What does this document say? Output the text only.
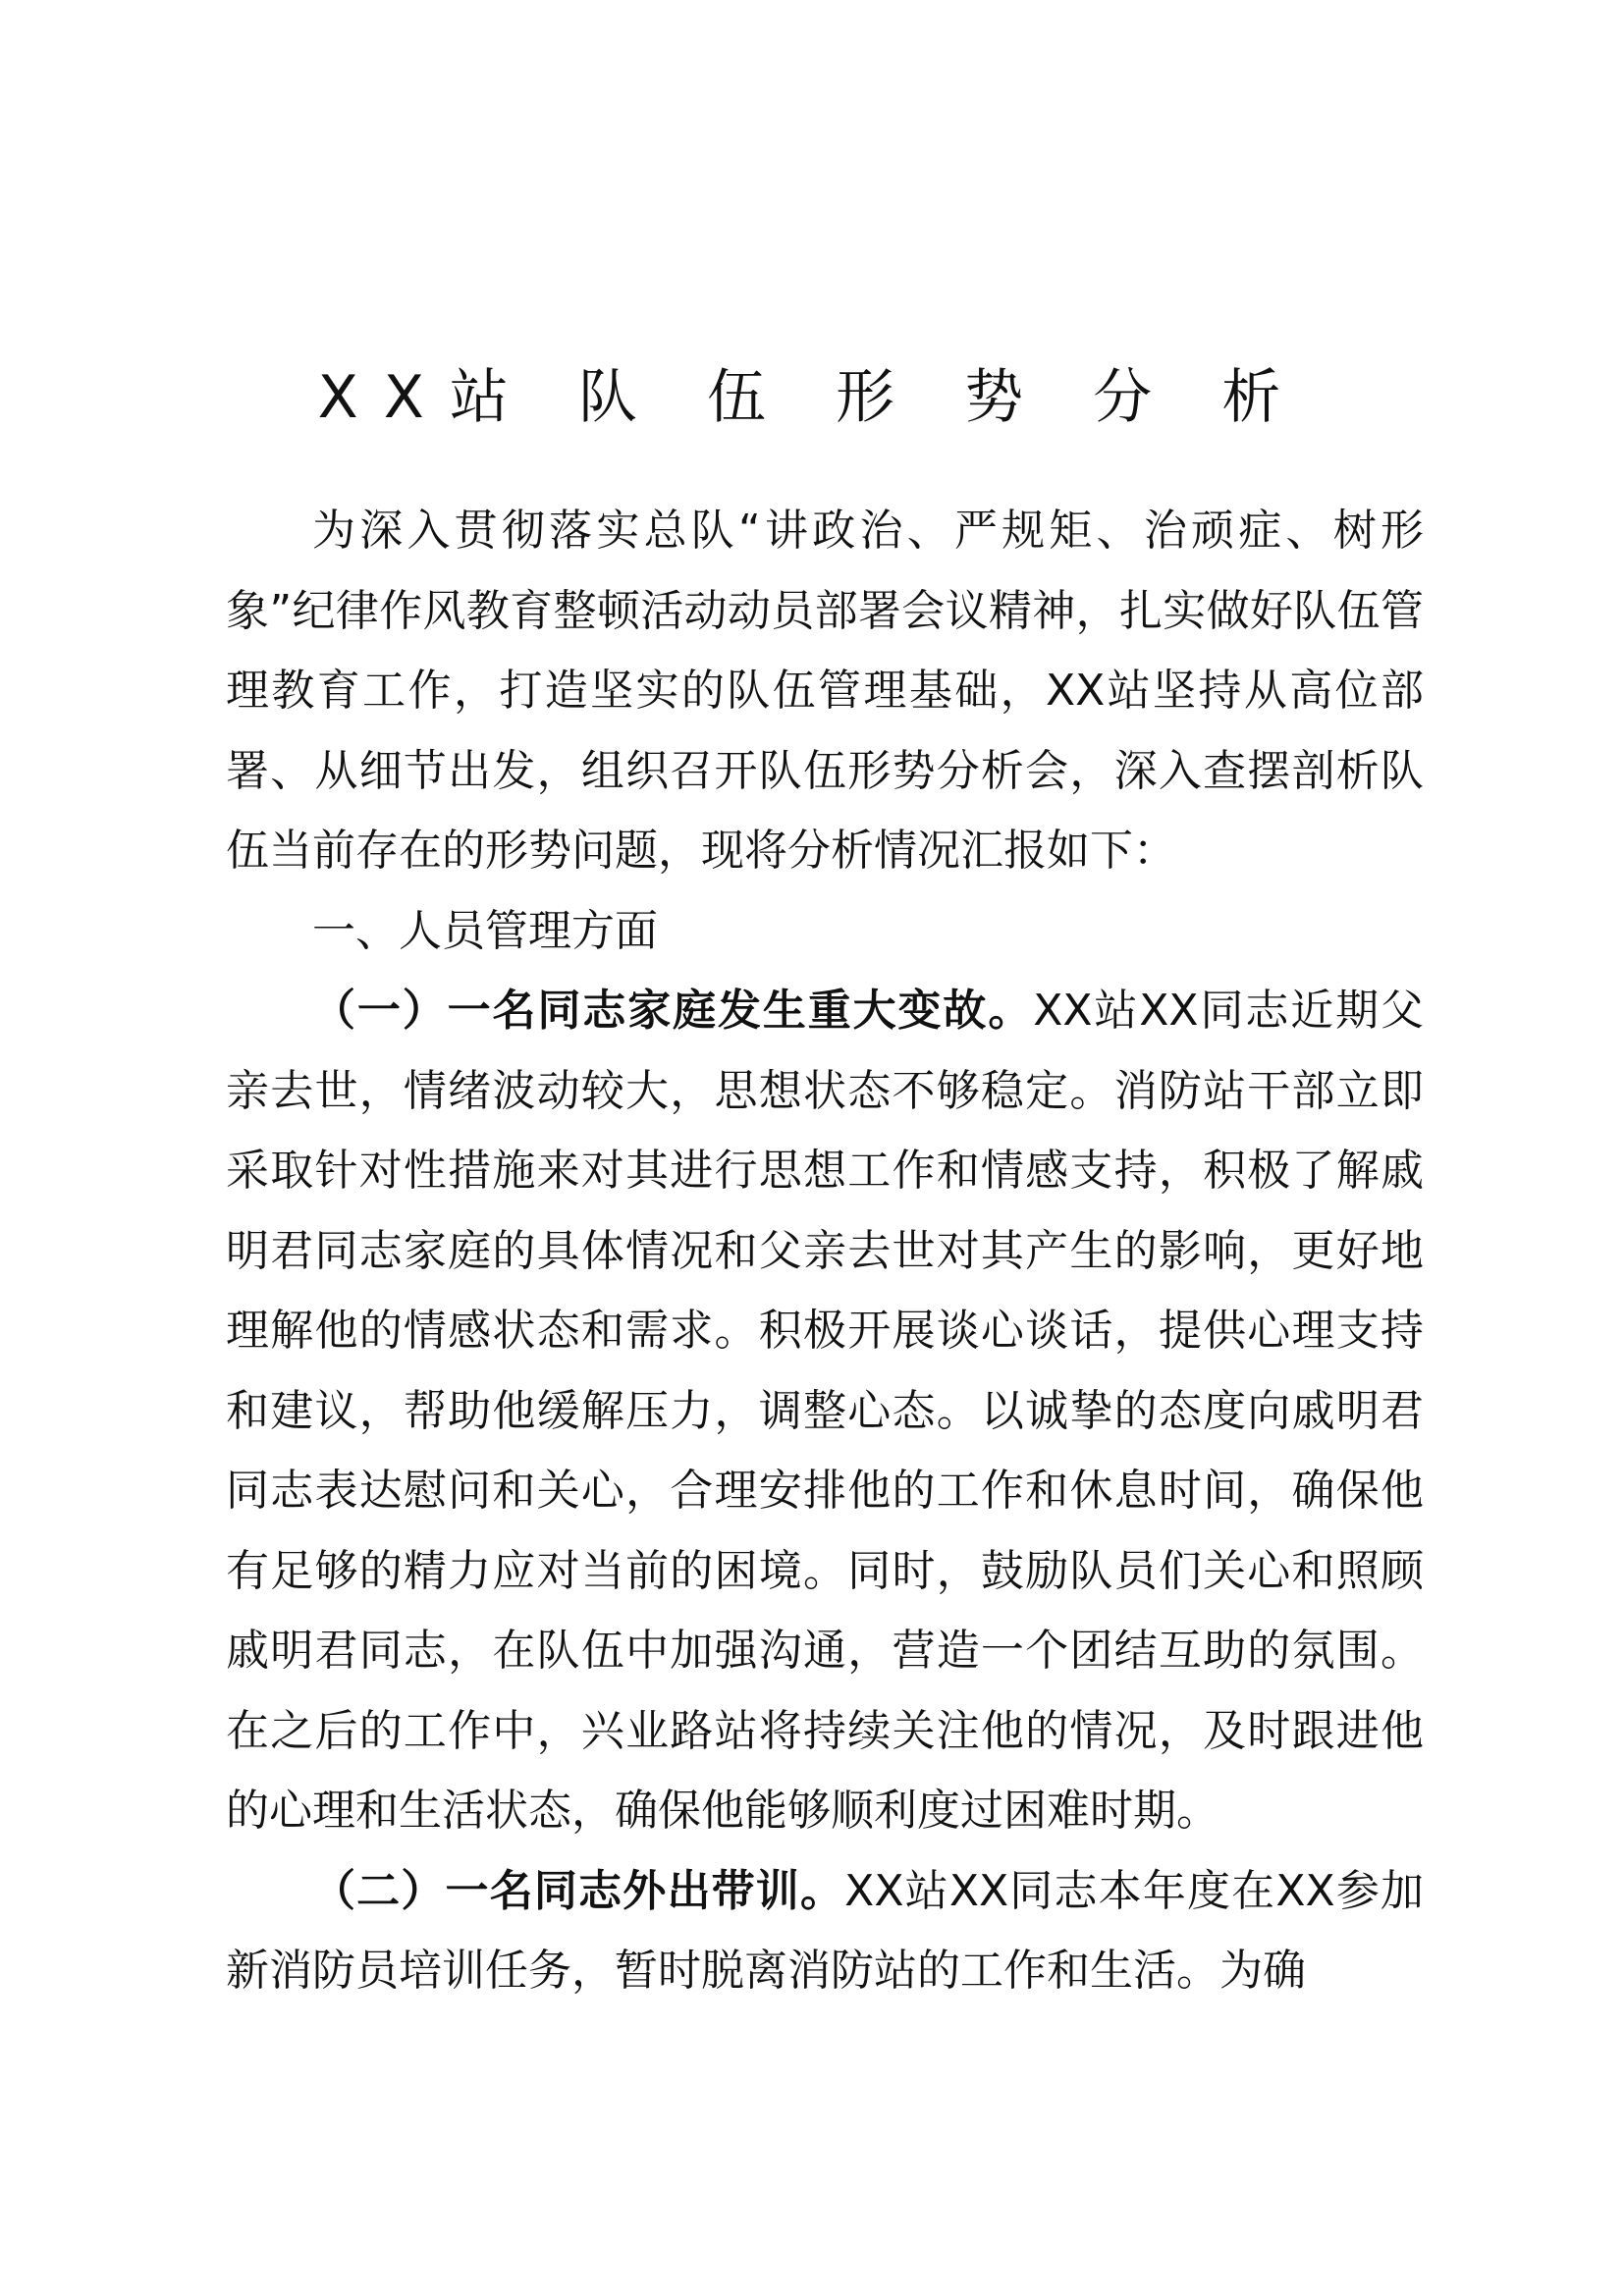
XX站 队 伍 形 势 分 析

为深入贯彻落实总队“讲政治、严规矩、治顽症、树形象”纪律作风教育整顿活动动员部署会议精神，扎实做好队伍管理教育工作，打造坚实的队伍管理基础，XX站坚持从高位部署、从细节出发，组织召开队伍形势分析会，深入查摆剖析队伍当前存在的形势问题，现将分析情况汇报如下：

一、人员管理方面

（一）一名同志家庭发生重大变故。XX站XX同志近期父亲去世，情绪波动较大，思想状态不够稳定。消防站干部立即采取针对性措施来对其进行思想工作和情感支持，积极了解戚明君同志家庭的具体情况和父亲去世对其产生的影响，更好地理解他的情感状态和需求。积极开展谈心谈话，提供心理支持和建议，帮助他缓解压力，调整心态。以诚挚的态度向戚明君同志表达慰问和关心，合理安排他的工作和休息时间，确保他有足够的精力应对当前的困境。同时，鼓励队员们关心和照顾戚明君同志，在队伍中加强沟通，营造一个团结互助的氛围。在之后的工作中，兴业路站将持续关注他的情况，及时跟进他的心理和生活状态，确保他能够顺利度过困难时期。

（二）一名同志外出带训。XX站XX同志本年度在XX参加新消防员培训任务，暂时脱离消防站的工作和生活。为确
